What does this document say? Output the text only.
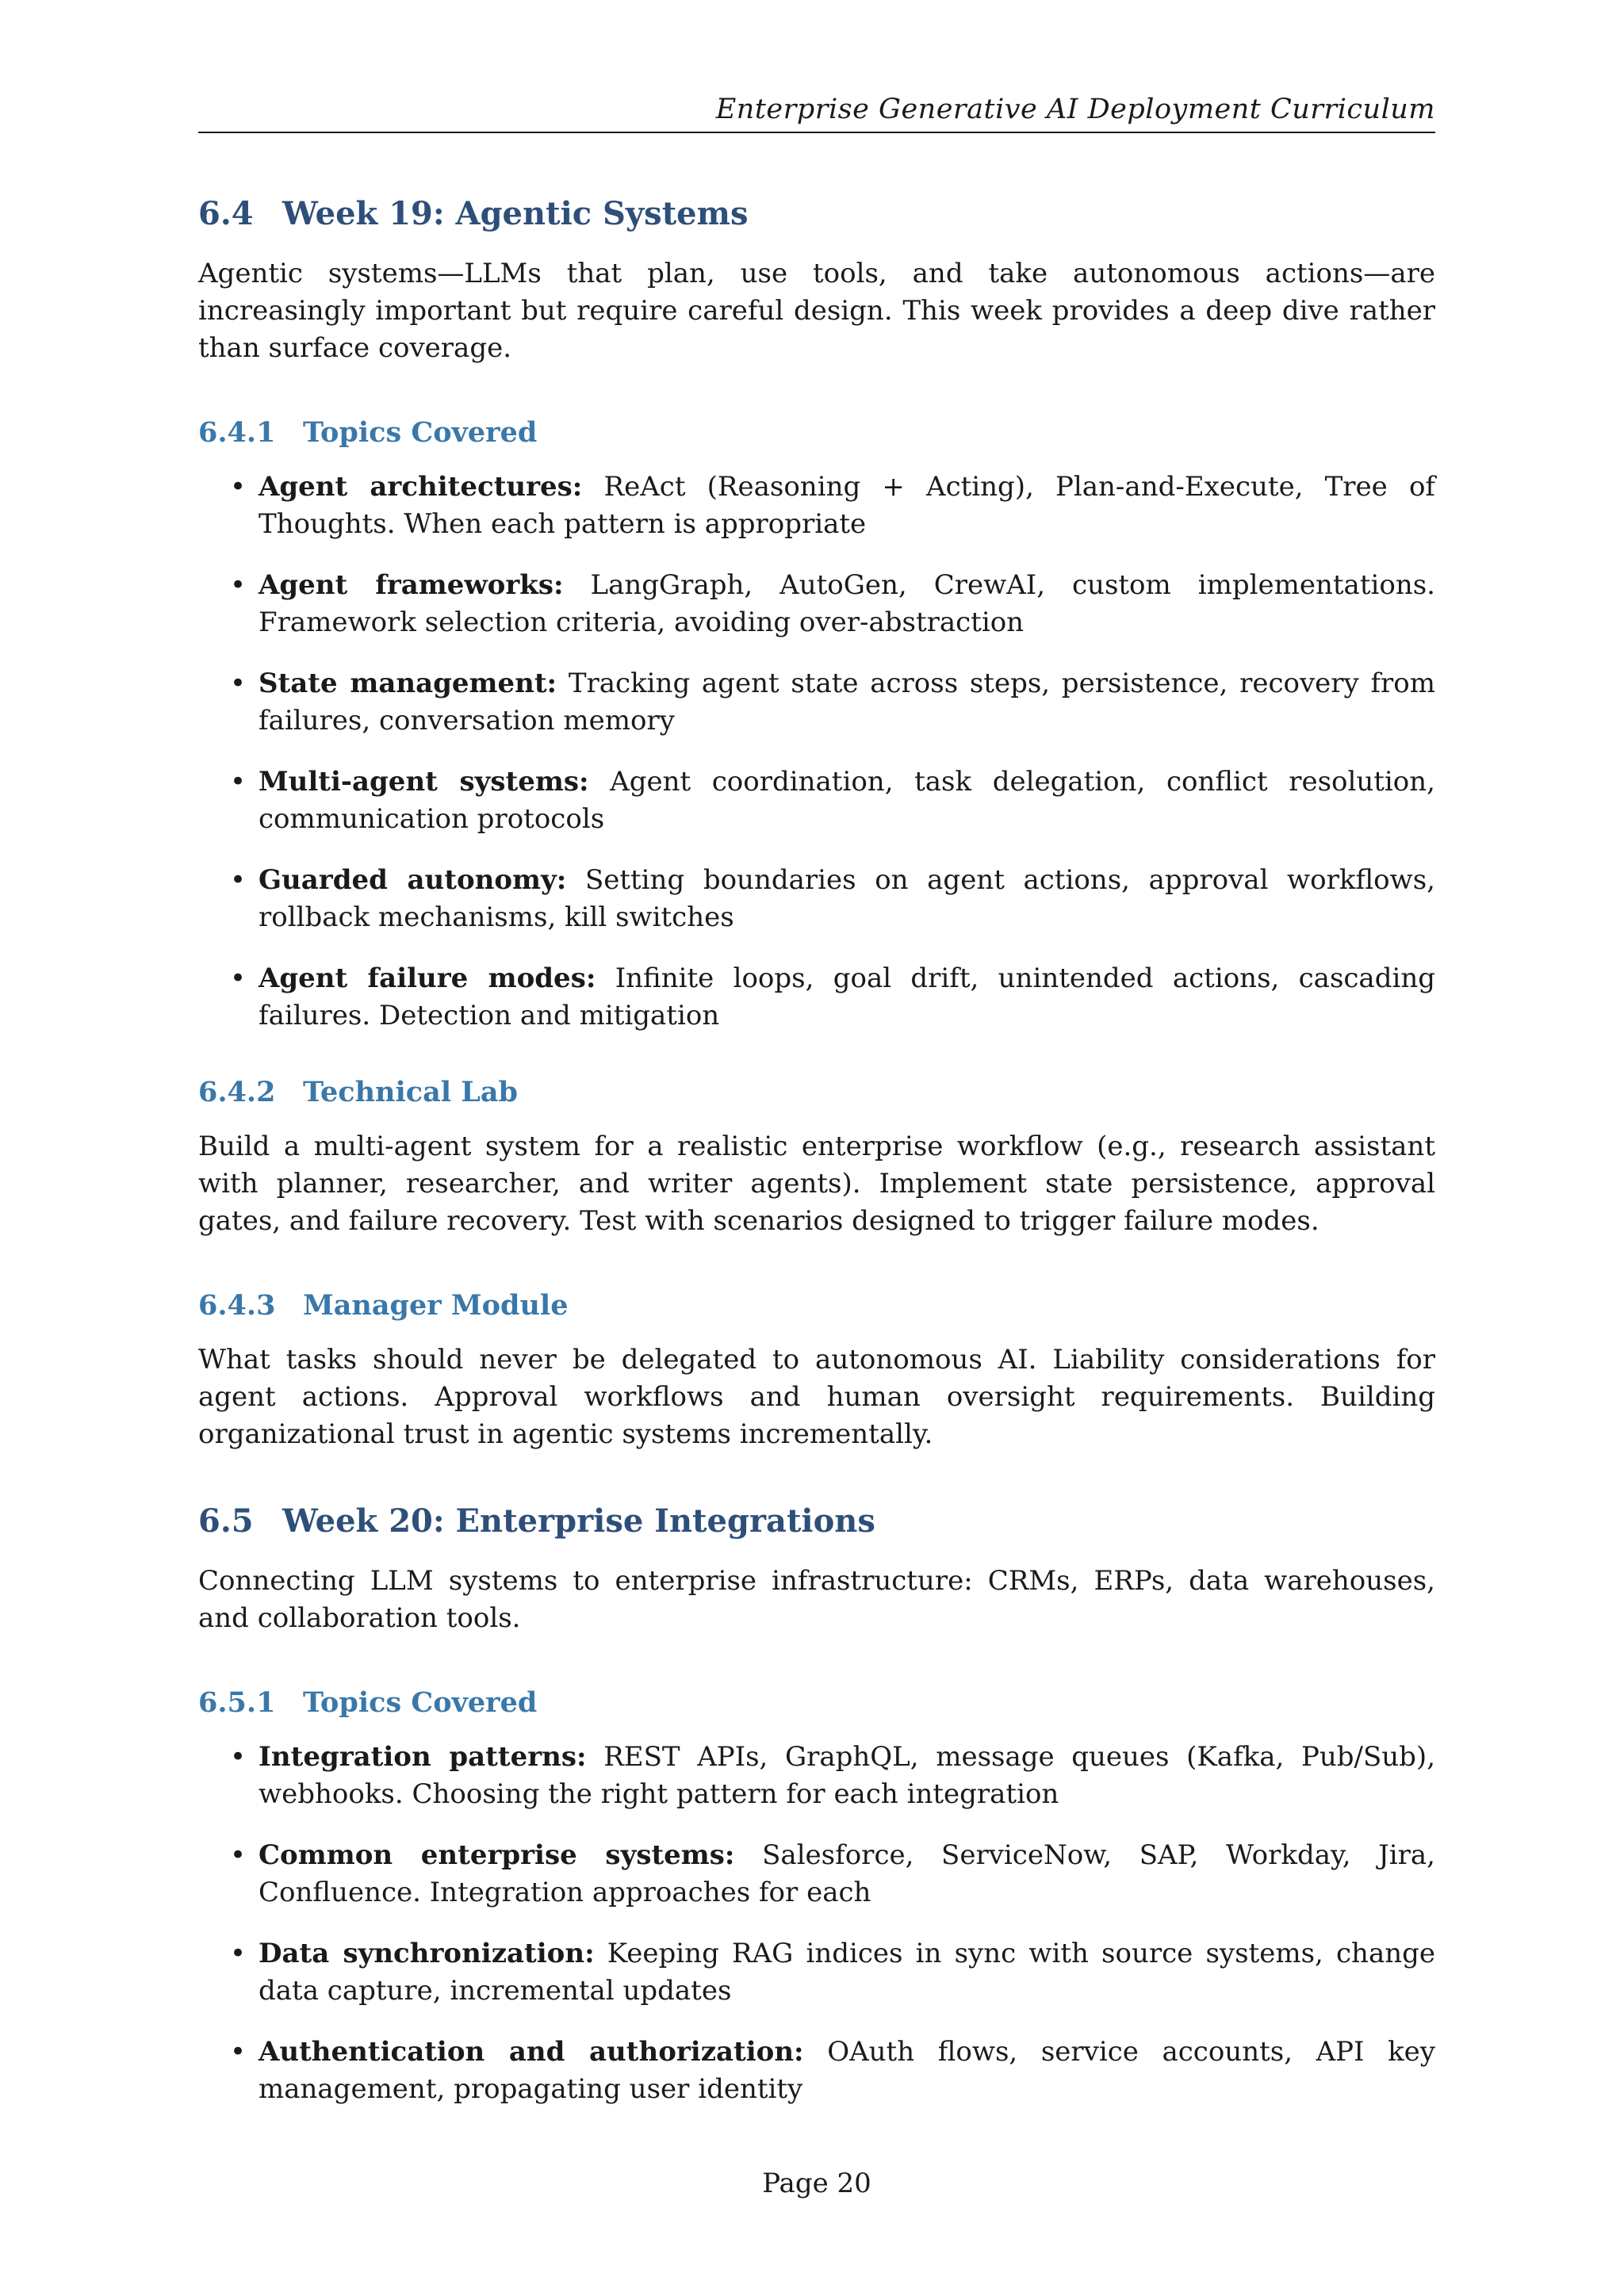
Enterprise Generative AI Deployment Curriculum
6.4 Week 19: Agentic Systems

Agentic systems—LLMs that plan, use tools, and take autonomous actions—are increasingly important but require careful design. This week provides a deep dive rather than surface coverage.

6.4.1 Topics Covered
• Agent architectures: ReAct (Reasoning + Acting), Plan-and-Execute, Tree of Thoughts. When each pattern is appropriate
• Agent frameworks: LangGraph, AutoGen, CrewAI, custom implementations. Framework selection criteria, avoiding over-abstraction
• State management: Tracking agent state across steps, persistence, recovery from failures, conversation memory
• Multi-agent systems: Agent coordination, task delegation, conflict resolution, communication protocols
• Guarded autonomy: Setting boundaries on agent actions, approval workflows, rollback mechanisms, kill switches
• Agent failure modes: Infinite loops, goal drift, unintended actions, cascading failures. Detection and mitigation
6.4.2 Technical Lab

Build a multi-agent system for a realistic enterprise workflow (e.g., research assistant with planner, researcher, and writer agents). Implement state persistence, approval gates, and failure recovery. Test with scenarios designed to trigger failure modes.

6.4.3 Manager Module

What tasks should never be delegated to autonomous AI. Liability considerations for agent actions. Approval workflows and human oversight requirements. Building organizational trust in agentic systems incrementally.

6.5 Week 20: Enterprise Integrations

Connecting LLM systems to enterprise infrastructure: CRMs, ERPs, data warehouses, and collaboration tools.

6.5.1 Topics Covered
• Integration patterns: REST APIs, GraphQL, message queues (Kafka, Pub/Sub), webhooks. Choosing the right pattern for each integration
• Common enterprise systems: Salesforce, ServiceNow, SAP, Workday, Jira, Confluence. Integration approaches for each
• Data synchronization: Keeping RAG indices in sync with source systems, change data capture, incremental updates
• Authentication and authorization: OAuth flows, service accounts, API key management, propagating user identity
Page 20
